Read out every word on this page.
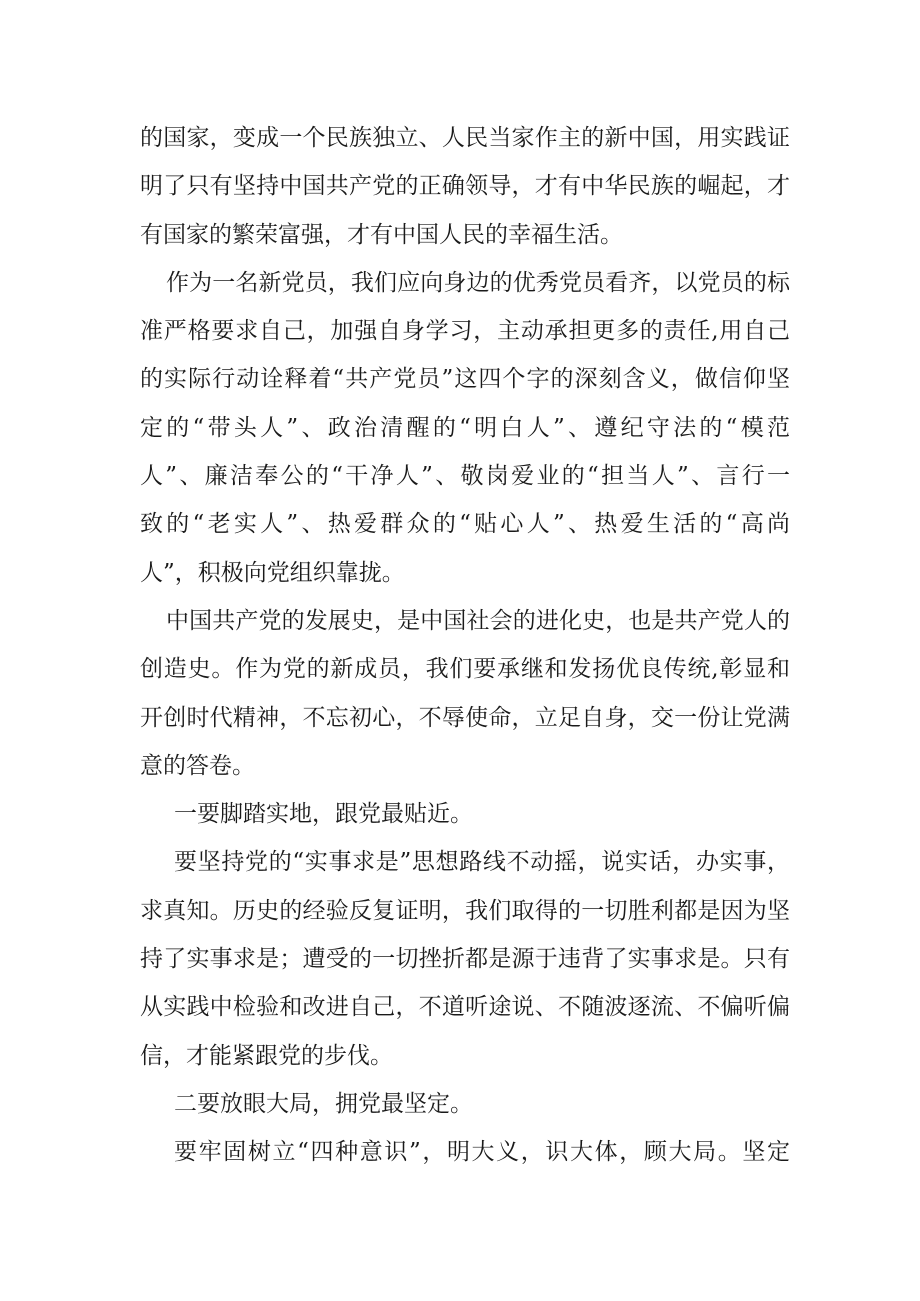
的国家，变成一个民族独立、人民当家作主的新中国，用实践证
明了只有坚持中国共产党的正确领导，才有中华民族的崛起，才
有国家的繁荣富强，才有中国人民的幸福生活。
作为一名新党员，我们应向身边的优秀党员看齐，以党员的标
准严格要求自己，加强自身学习，主动承担更多的责任,用自己
的实际行动诠释着“共产党员”这四个字的深刻含义，做信仰坚
定的“带头人”、政治清醒的“明白人”、遵纪守法的“模范
人”、廉洁奉公的“干净人”、敬岗爱业的“担当人”、言行一
致的“老实人”、热爱群众的“贴心人”、热爱生活的“高尚
人”，积极向党组织靠拢。
中国共产党的发展史，是中国社会的进化史，也是共产党人的
创造史。作为党的新成员，我们要承继和发扬优良传统,彰显和
开创时代精神，不忘初心，不辱使命，立足自身，交一份让党满
意的答卷。
一要脚踏实地，跟党最贴近。
要坚持党的“实事求是”思想路线不动摇，说实话，办实事，
求真知。历史的经验反复证明，我们取得的一切胜利都是因为坚
持了实事求是；遭受的一切挫折都是源于违背了实事求是。只有
从实践中检验和改进自己，不道听途说、不随波逐流、不偏听偏
信，才能紧跟党的步伐。
二要放眼大局，拥党最坚定。
要牢固树立“四种意识”，明大义，识大体，顾大局。坚定
